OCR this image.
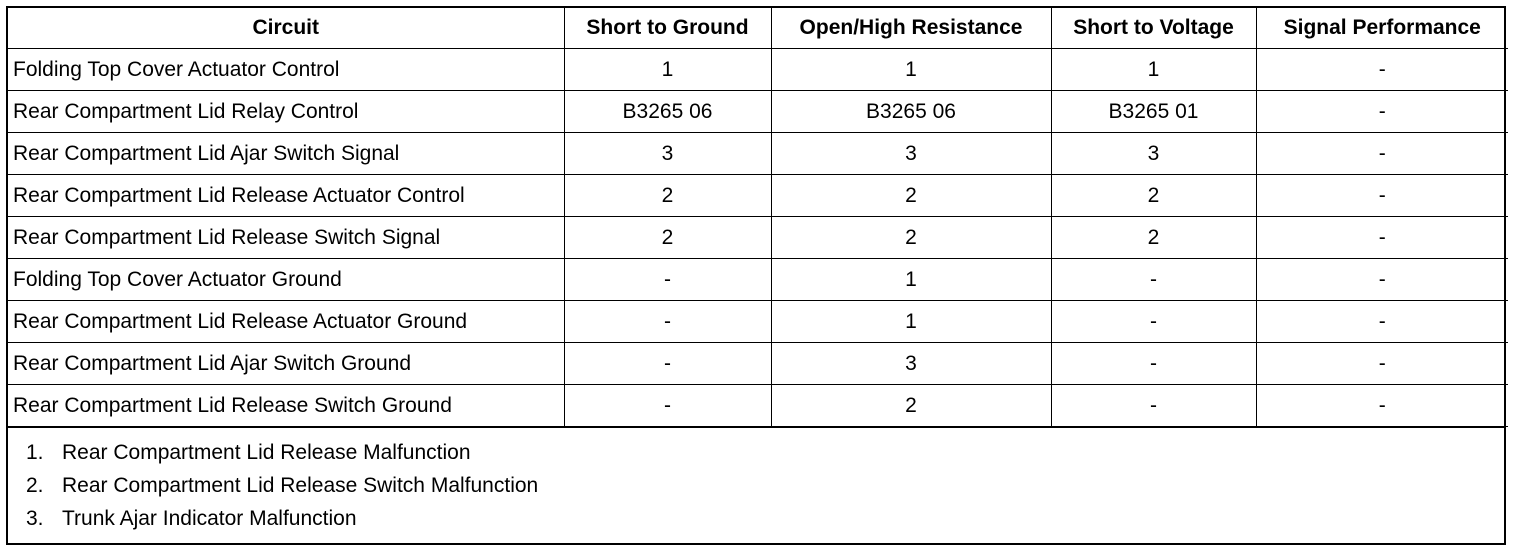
Circuit	Short to Ground	Open/High Resistance	Short to Voltage	Signal Performance
Folding Top Cover Actuator Control	1	1	1	-
Rear Compartment Lid Relay Control	B3265 06	B3265 06	B3265 01	-
Rear Compartment Lid Ajar Switch Signal	3	3	3	-
Rear Compartment Lid Release Actuator Control	2	2	2	-
Rear Compartment Lid Release Switch Signal	2	2	2	-
Folding Top Cover Actuator Ground	-	1	-	-
Rear Compartment Lid Release Actuator Ground	-	1	-	-
Rear Compartment Lid Ajar Switch Ground	-	3	-	-
Rear Compartment Lid Release Switch Ground	-	2	-	-
1. Rear Compartment Lid Release Malfunction
2. Rear Compartment Lid Release Switch Malfunction
3. Trunk Ajar Indicator Malfunction
